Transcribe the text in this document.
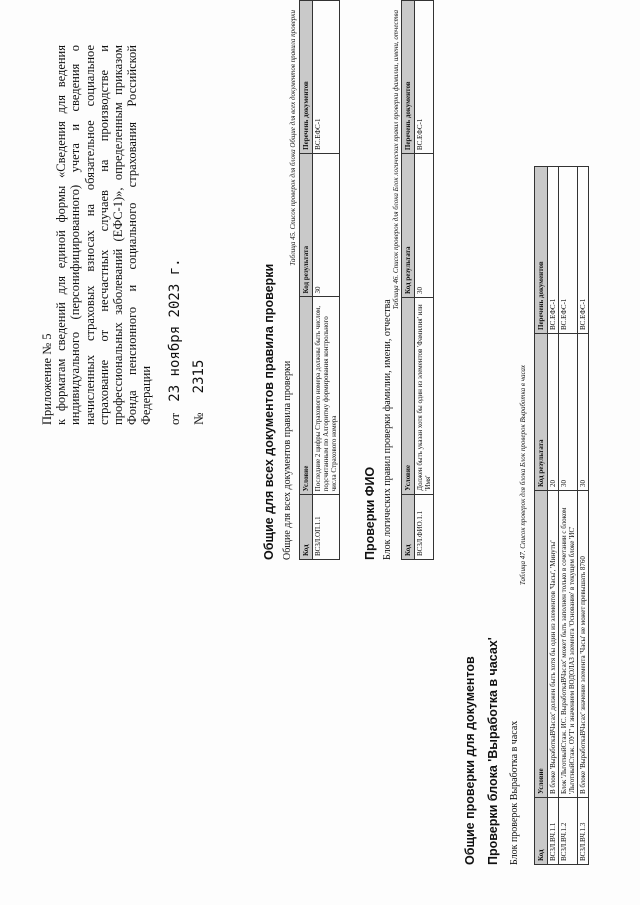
Приложение № 5 к форматам сведений для единой формы «Сведения для ведения индивидуального (персонифицированного) учета и сведения о начисленных страховых взносах на обязательное социальное страхование от несчастных случаев на производстве и профессиональных заболеваний (ЕФС-1)», определенным приказом Фонда пенсионного и социального страхования Российской Федерации от 23 ноября 2023 г.
№ 2315	Общие для всех документов правила проверки Общие для всех документов правила проверки

Таблица 45. Список проверок для блока Общие для всех документов правила проверки
Код	Условие	Код результата	Перечень документов
ВСЗЛ.ОП.1.1	Последние 2 цифры Страхового номера должны быть числом, подсчитанным по Алгоритму формирования контрольного числа Страхового номера	30	ВС.ЕФС-1
Проверки ФИО Блок логических правил проверки фамилии, имени, отчества

Таблица 46. Список проверок для блока Блок логических правил проверки фамилии, имени, отчества
Код	Условие	Код результата	Перечень документов
ВСЗЛ.ФИО.1.1	Должен быть указан хотя бы один из элементов 'Фамилия' или 'Имя'	30	ВС.ЕФС-1
Общие проверки для документов Проверки блока 'Выработка в часах' Блок проверок Выработка в часах

Таблица 47. Список проверок для блока Блок проверок Выработка в часах
Код	Условие	Код результата	Перечень документов
ВСЗЛ.ВЧ.1.1	В блоке 'ВыработкаВЧасах' должен быть хотя бы один из элементов 'Часы', 'Минуты'	20	ВС.ЕФС-1
ВСЗЛ.ВЧ.1.2	Блок 'ЛьготныйСтаж. ИС. ВыработкаВЧасах' может быть заполнен только в сочетании с блоком 'ЛьготныйСтаж. ОУТ' и значением ВОДОЛАЗ элемента 'Основание' в текущем блоке 'ИС'	30	ВС.ЕФС-1
ВСЗЛ.ВЧ.1.3	В блоке 'ВыработкаВЧасах' значение элемента 'Часы' не может превышать 8760	30	ВС.ЕФС-1
